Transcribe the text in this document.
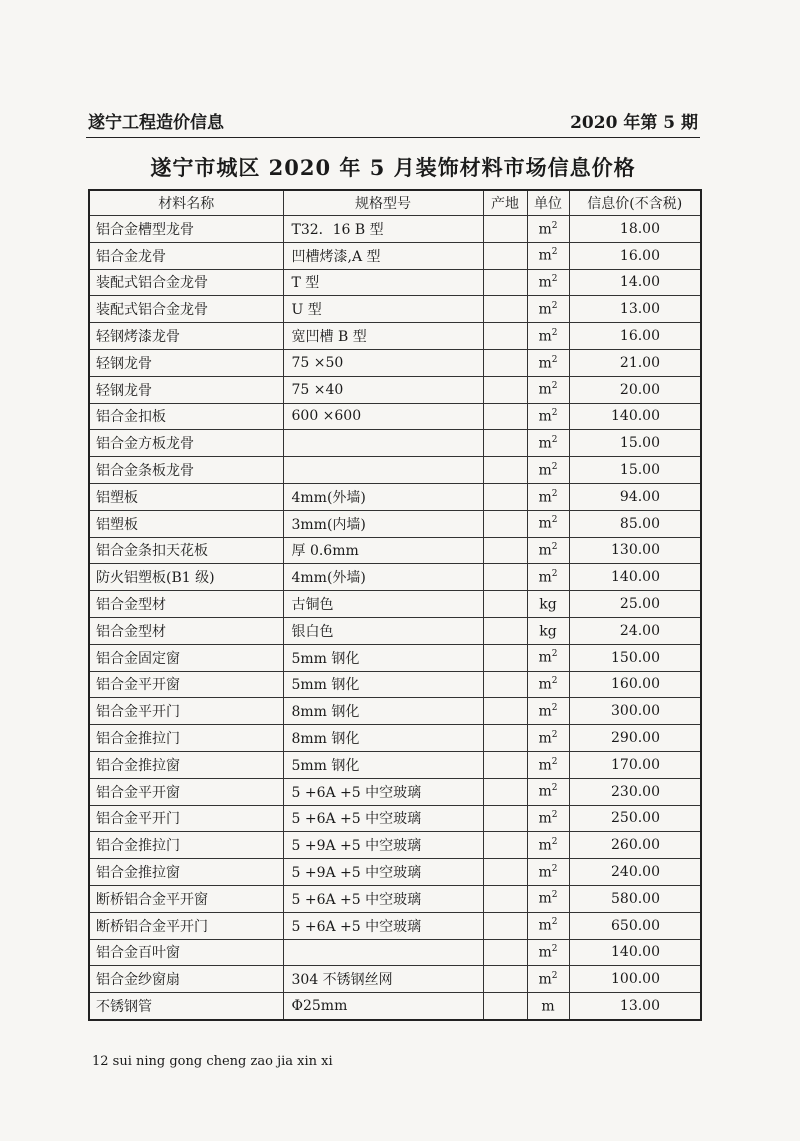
遂宁工程造价信息	2020 年第 5 期
遂宁市城区 2020 年 5 月装饰材料市场信息价格
材料名称	规格型号	产地	单位	信息价(不含税)
铝合金槽型龙骨	T32．16 B 型		$m^2$	18.00
铝合金龙骨	凹槽烤漆,A 型		$m^2$	16.00
装配式铝合金龙骨	T 型		$m^2$	14.00
装配式铝合金龙骨	U 型		$m^2$	13.00
轻钢烤漆龙骨	宽凹槽 B 型		$m^2$	16.00
轻钢龙骨	75 ×50		$m^2$	21.00
轻钢龙骨	75 ×40		$m^2$	20.00
铝合金扣板	600 ×600		$m^2$	140.00
铝合金方板龙骨			$m^2$	15.00
铝合金条板龙骨			$m^2$	15.00
铝塑板	4mm(外墙)		$m^2$	94.00
铝塑板	3mm(内墙)		$m^2$	85.00
铝合金条扣天花板	厚 0.6mm		$m^2$	130.00
防火铝塑板(B1 级)	4mm(外墙)		$m^2$	140.00
铝合金型材	古铜色		kg	25.00
铝合金型材	银白色		kg	24.00
铝合金固定窗	5mm 钢化		$m^2$	150.00
铝合金平开窗	5mm 钢化		$m^2$	160.00
铝合金平开门	8mm 钢化		$m^2$	300.00
铝合金推拉门	8mm 钢化		$m^2$	290.00
铝合金推拉窗	5mm 钢化		$m^2$	170.00
铝合金平开窗	5 +6A +5 中空玻璃		$m^2$	230.00
铝合金平开门	5 +6A +5 中空玻璃		$m^2$	250.00
铝合金推拉门	5 +9A +5 中空玻璃		$m^2$	260.00
铝合金推拉窗	5 +9A +5 中空玻璃		$m^2$	240.00
断桥铝合金平开窗	5 +6A +5 中空玻璃		$m^2$	580.00
断桥铝合金平开门	5 +6A +5 中空玻璃		$m^2$	650.00
铝合金百叶窗			$m^2$	140.00
铝合金纱窗扇	304 不锈钢丝网		$m^2$	100.00
不锈钢管	Φ25mm		m	13.00
12 sui ning gong cheng zao jia xin xi
